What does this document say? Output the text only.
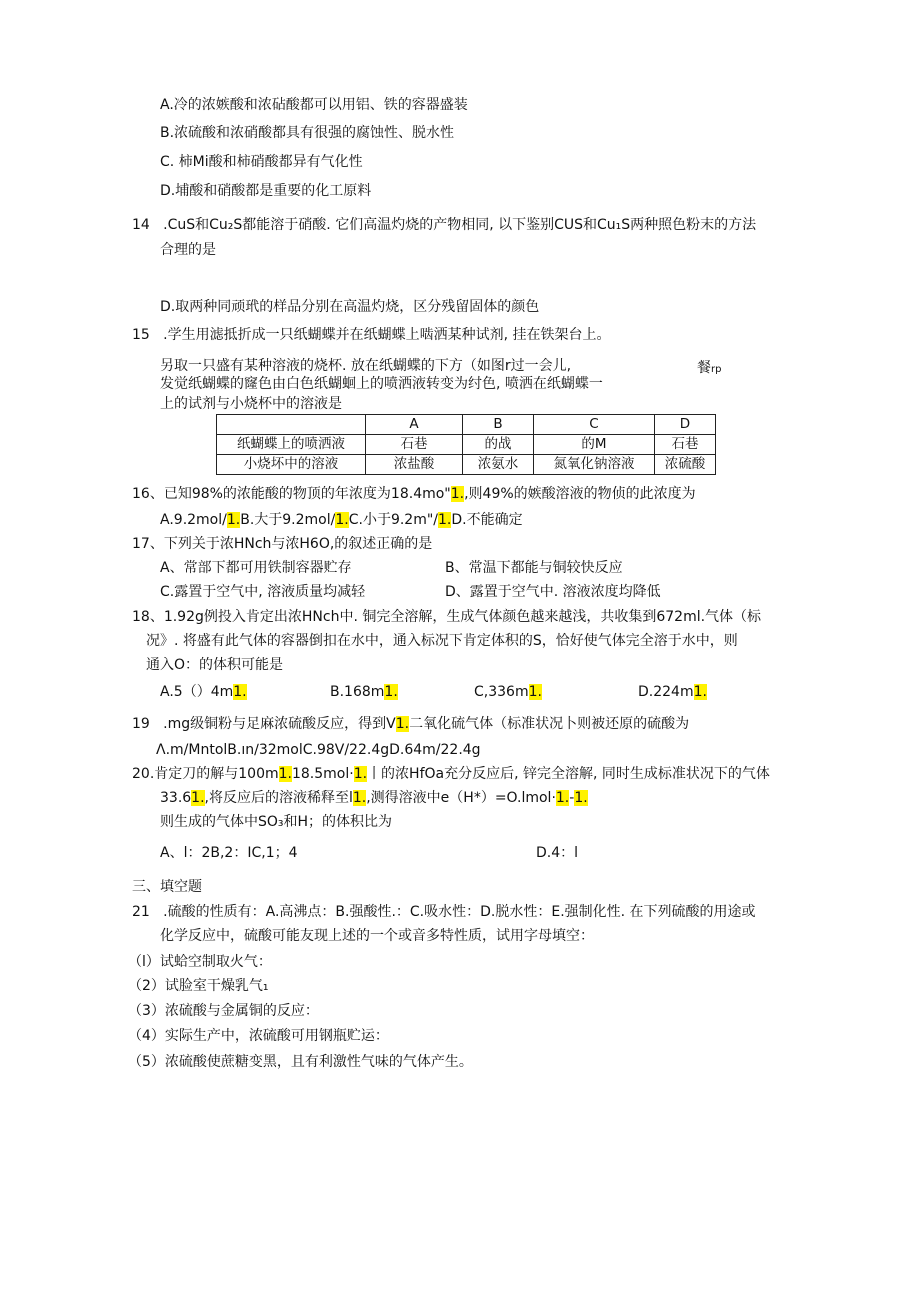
A.冷的浓嫉酸和浓砧酸都可以用铝、铁的容器盛装
B.浓硫酸和浓硝酸都具有很强的腐蚀性、脱水性
C. 柿Mi酸和柿硝酸都异有气化性
D.埔酸和硝酸都是重要的化工原料
14   .CuS和Cu₂S都能溶于硝酸. 它们高温灼烧的产物相同, 以下鉴别CUS和Cu₁S两种照色粉末的方法
合理的是
D.取两种同顽玳的样品分别在高温灼烧，区分残留固体的颜色
15   .学生用滤抵折成一只纸蝴蝶并在纸蝴蝶上啮洒某种试剂, 挂在铁架台上。
另取一只盛有某种溶液的烧杯. 放在纸蝴蝶的下方（如图r过一会儿,	餐rp
发觉纸蝴蝶的窿色由白色纸蝴蛔上的喷洒液转变为纣色, 喷洒在纸蝴蝶一
上的试剂与小烧杯中的溶液是
	A	B	C	D
纸蝴蝶上的喷洒液	石巷	的战	的M	石巷
小烧坏中的溶液	浓盐酸	浓氨水	氮氧化钠溶液	浓硫酸
16、已知98%的浓能酸的物顶的年浓度为18.4mo"1.,则49%的嫉酸溶液的物侦的此浓度为
A.9.2mol/1.B.大于9.2mol/1.C.小于9.2m"/1.D.不能确定
17、下列关于浓HNch与浓H6O,的叙述正确的是
A、常部下都可用铁制容器贮存	B、常温下都能与铜较快反应
C.露置于空气中, 溶液质量均减轻	D、露置于空气中. 溶液浓度均降低
18、1.92g例投入肯定出浓HNch中. 铜完全溶解，生成气体颜色越来越浅，共收集到672ml.气体（标
况》. 将盛有此气体的容器倒扣在水中，通入标况下肯定体积的S，恰好使气体完全溶于水中，则
通入O：的体积可能是
A.5（）4m1.	B.168m1.	C,336m1.	D.224m1.
19   .mg级铜粉与足麻浓硫酸反应，得到V1.二氧化硫气体（标准状况卜则被还原的硫酸为
Λ.m/MntolB.ın∕32molC.98V/22.4gD.64m/22.4g
20.肯定刀的解与100m1.18.5mol·1.丨的浓HfOa充分反应后, 锌完全溶解, 同时生成标准状况下的气体
33.61.,将反应后的溶液稀释至l1.,测得溶液中e（H*）=O.lmol·1.-1.
则生成的气体中SO₃和H；的体积比为
A、l：2B,2：IC,1；4	D.4：l
三、填空题
21   .硫酸的性质有：A.高沸点：B.强酸性.：C.吸水性：D.脱水性：E.强制化性. 在下列硫酸的用途或
化学反应中，硫酸可能友现上述的一个或音多特性质，试用字母填空：
（l）试蛤空制取火气：
（2）试脸室干燥乳气₁
（3）浓硫酸与金属铜的反应：
（4）实际生产中，浓硫酸可用钢瓶贮运：
（5）浓硫酸使蔗糖变黑，且有利激性气味的气体产生。
